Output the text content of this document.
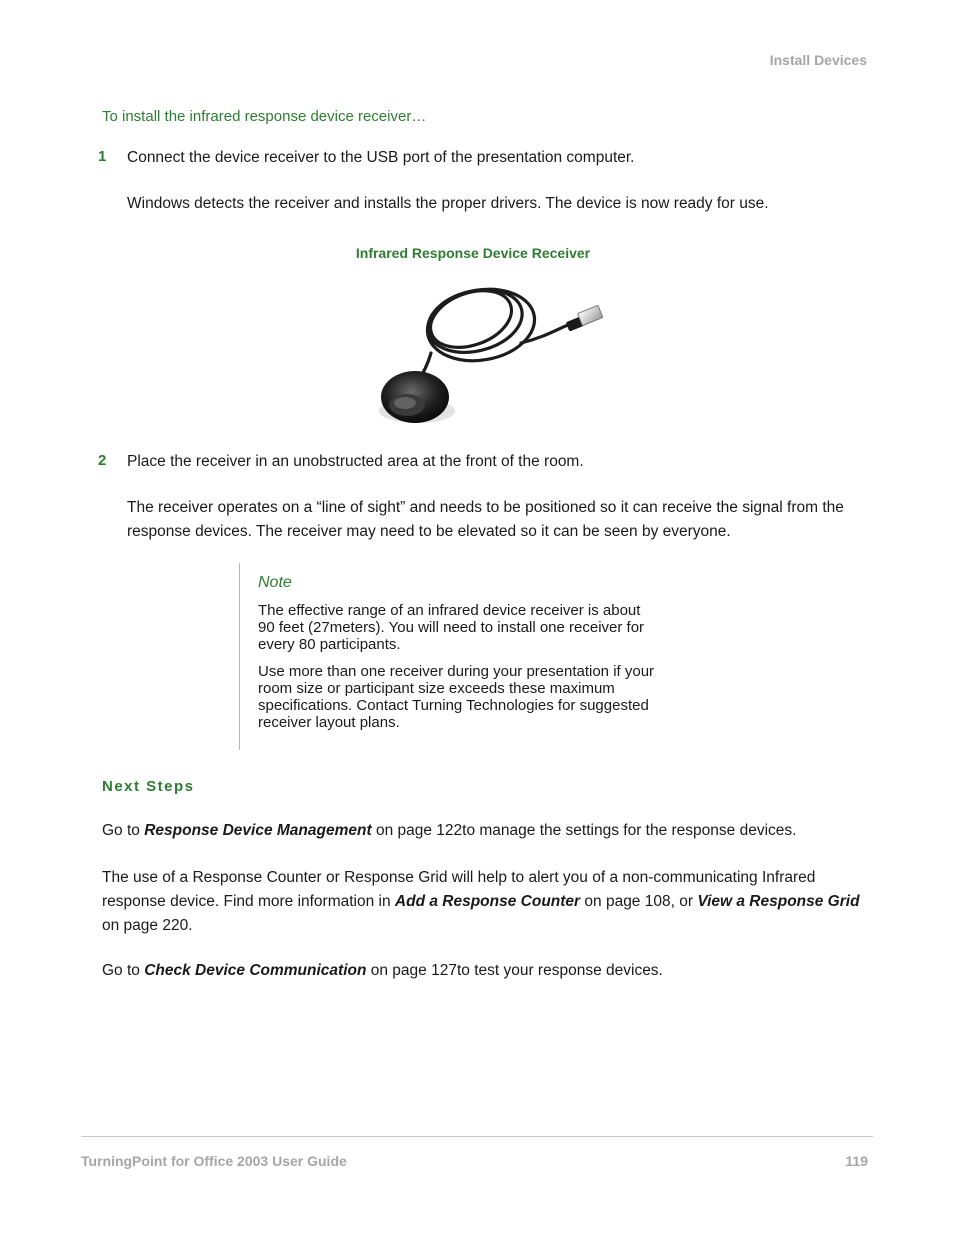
Install Devices
To install the infrared response device receiver…
1 Connect the device receiver to the USB port of the presentation computer.
Windows detects the receiver and installs the proper drivers. The device is now ready for use.
Infrared Response Device Receiver
2 Place the receiver in an unobstructed area at the front of the room.
The receiver operates on a “line of sight” and needs to be positioned so it can receive the signal from the response devices. The receiver may need to be elevated so it can be seen by everyone.
Note
The effective range of an infrared device receiver is about 90 feet (27meters). You will need to install one receiver for every 80 participants.
Use more than one receiver during your presentation if your room size or participant size exceeds these maximum specifications. Contact Turning Technologies for suggested receiver layout plans.
Next Steps
Go to Response Device Management on page 122to manage the settings for the response devices.
The use of a Response Counter or Response Grid will help to alert you of a non-communicating Infrared response device. Find more information in Add a Response Counter on page 108, or View a Response Grid on page 220.
Go to Check Device Communication on page 127to test your response devices.
TurningPoint for Office 2003 User Guide	119
